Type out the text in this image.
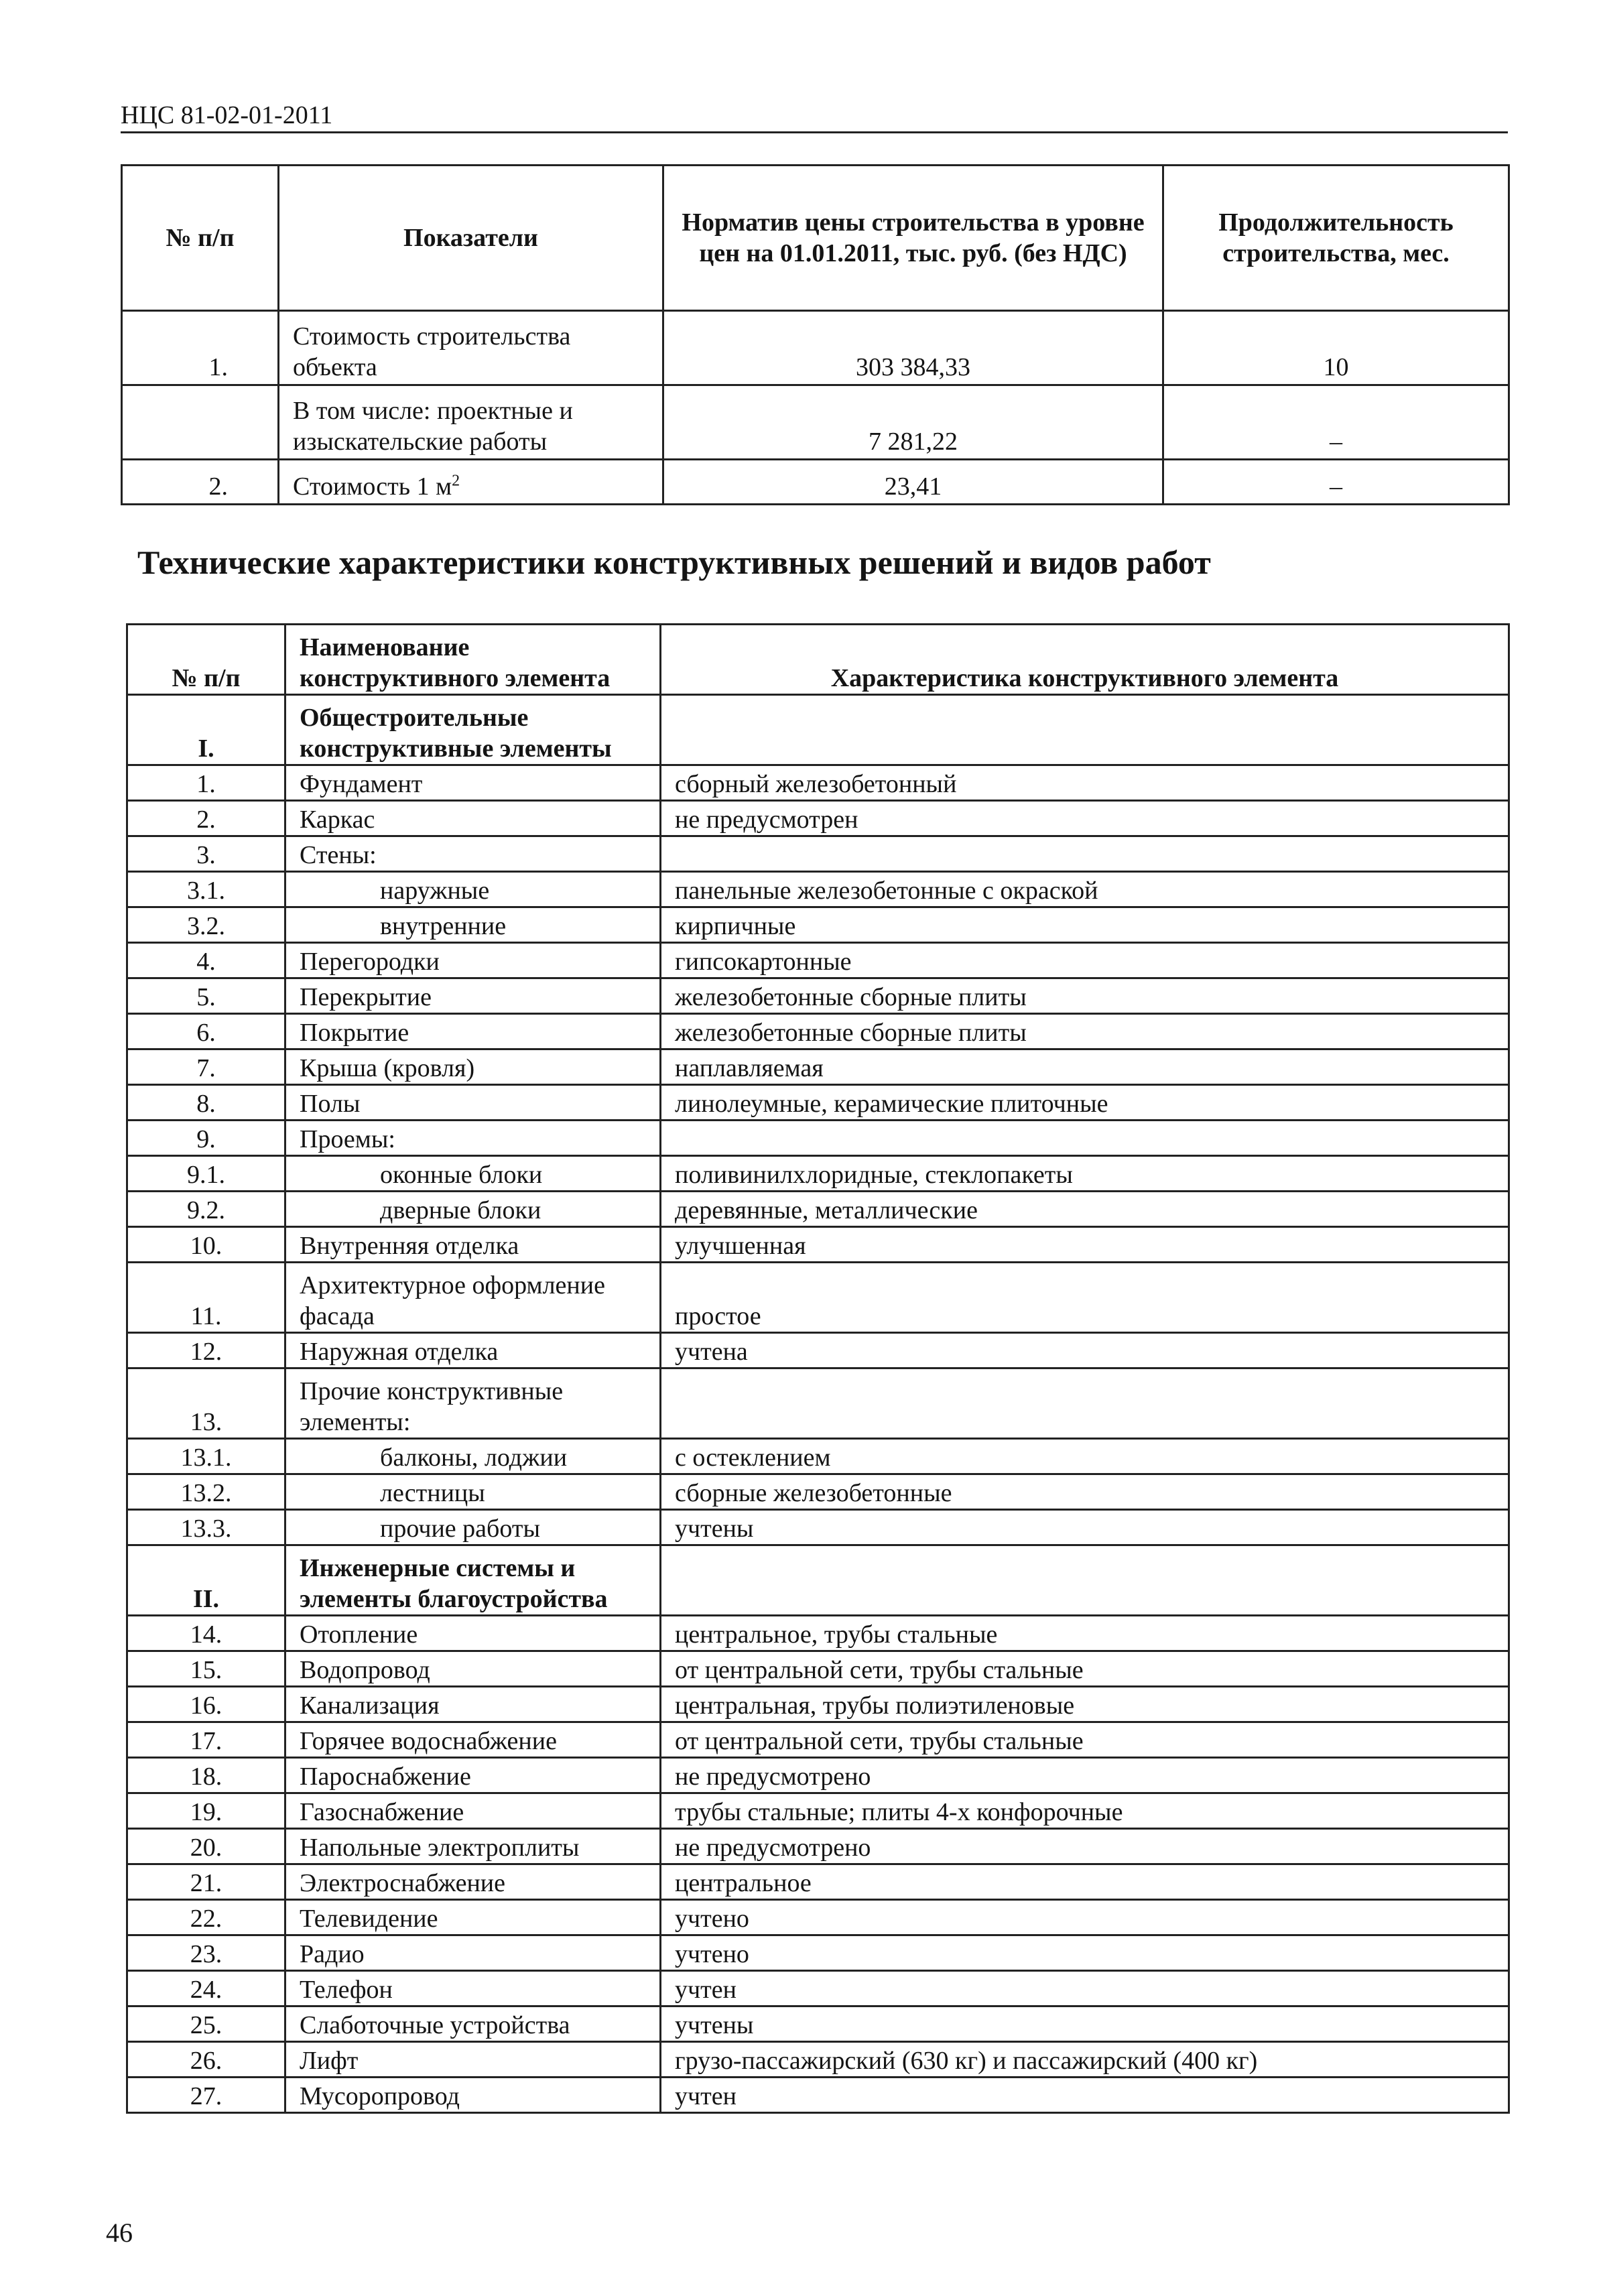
НЦС 81-02-01-2011
№ п/п	Показатели	Норматив цены строительства в уровне цен на 01.01.2011, тыс. руб. (без НДС)	Продолжительность строительства, мес.
1.	Стоимость строительства объекта	303 384,33	10
	В том числе: проектные и изыскательские работы	7 281,22	–
2.	Стоимость 1 $м^2$	23,41	–
Технические характеристики конструктивных решений и видов работ
№ п/п	Наименование конструктивного элемента	Характеристика конструктивного элемента
I.	Общестроительные конструктивные элементы	
1.	Фундамент	сборный железобетонный
2.	Каркас	не предусмотрен
3.	Стены:	
3.1.	наружные	панельные железобетонные с окраской
3.2.	внутренние	кирпичные
4.	Перегородки	гипсокартонные
5.	Перекрытие	железобетонные сборные плиты
6.	Покрытие	железобетонные сборные плиты
7.	Крыша (кровля)	наплавляемая
8.	Полы	линолеумные, керамические плиточные
9.	Проемы:	
9.1.	оконные блоки	поливинилхлоридные, стеклопакеты
9.2.	дверные блоки	деревянные, металлические
10.	Внутренняя отделка	улучшенная
11.	Архитектурное оформление фасада	простое
12.	Наружная отделка	учтена
13.	Прочие конструктивные элементы:	
13.1.	балконы, лоджии	с остеклением
13.2.	лестницы	сборные железобетонные
13.3.	прочие работы	учтены
II.	Инженерные системы и элементы благоустройства	
14.	Отопление	центральное, трубы стальные
15.	Водопровод	от центральной сети, трубы стальные
16.	Канализация	центральная, трубы полиэтиленовые
17.	Горячее водоснабжение	от центральной сети, трубы стальные
18.	Пароснабжение	не предусмотрено
19.	Газоснабжение	трубы стальные; плиты 4-х конфорочные
20.	Напольные электроплиты	не предусмотрено
21.	Электроснабжение	центральное
22.	Телевидение	учтено
23.	Радио	учтено
24.	Телефон	учтен
25.	Слаботочные устройства	учтены
26.	Лифт	грузо-пассажирский (630 кг) и пассажирский (400 кг)
27.	Мусоропровод	учтен
46
